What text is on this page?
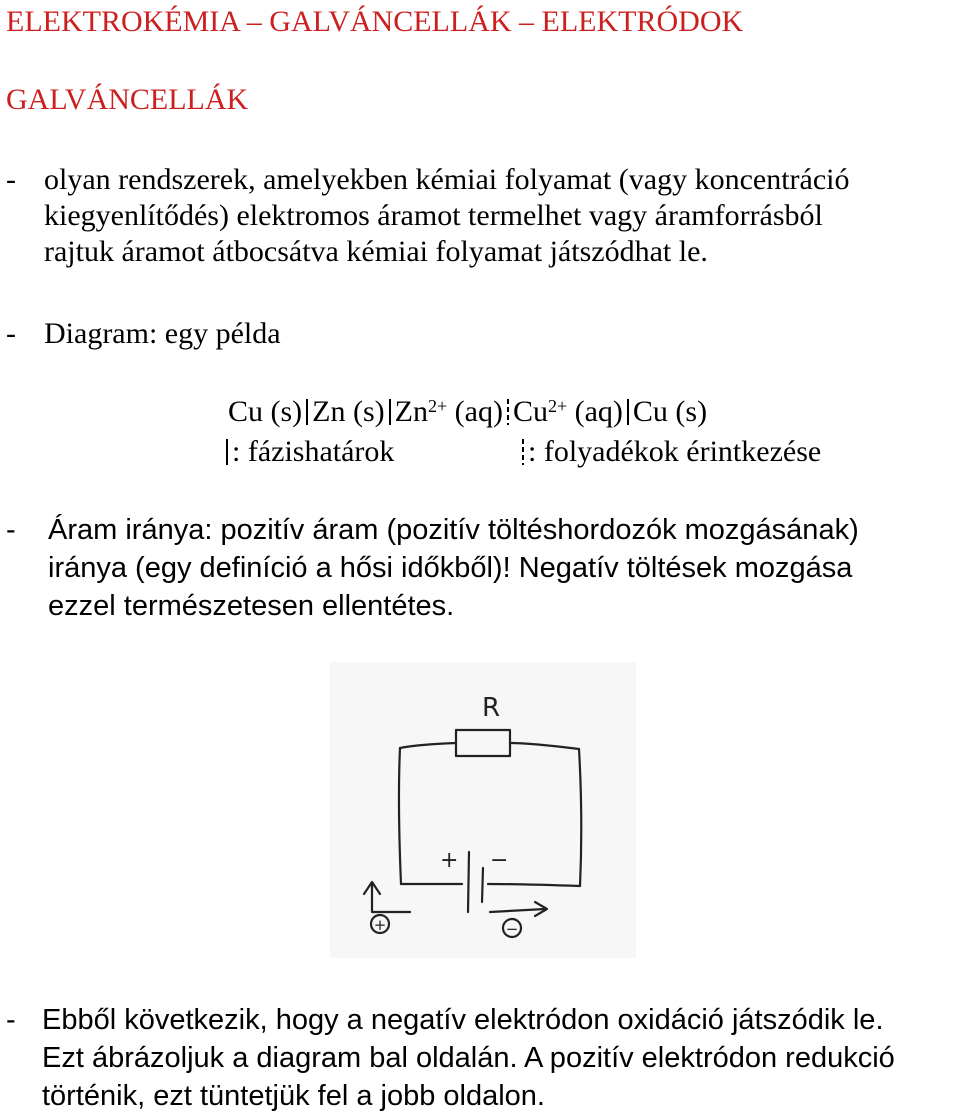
ELEKTROKÉMIA – GALVÁNCELLÁK – ELEKTRÓDOK
GALVÁNCELLÁK
- olyan rendszerek, amelyekben kémiai folyamat (vagy koncentráció
kiegyenlítődés) elektromos áramot termelhet vagy áramforrásból
rajtuk áramot átbocsátva kémiai folyamat játszódhat le.
- Diagram: egy példa
Cu (s) Zn (s) $Zn^{2+}$ (aq) $Cu^{2+}$ (aq) Cu (s)
: fázishatárok	: folyadékok érintkezése
- Áram iránya: pozitív áram (pozitív töltéshordozók mozgásának)
iránya (egy definíció a hősi időkből)! Negatív töltések mozgása
ezzel természetesen ellentétes.
R
+ −
+	−
- Ebből következik, hogy a negatív elektródon oxidáció játszódik le.
Ezt ábrázoljuk a diagram bal oldalán. A pozitív elektródon redukció
történik, ezt tüntetjük fel a jobb oldalon.
